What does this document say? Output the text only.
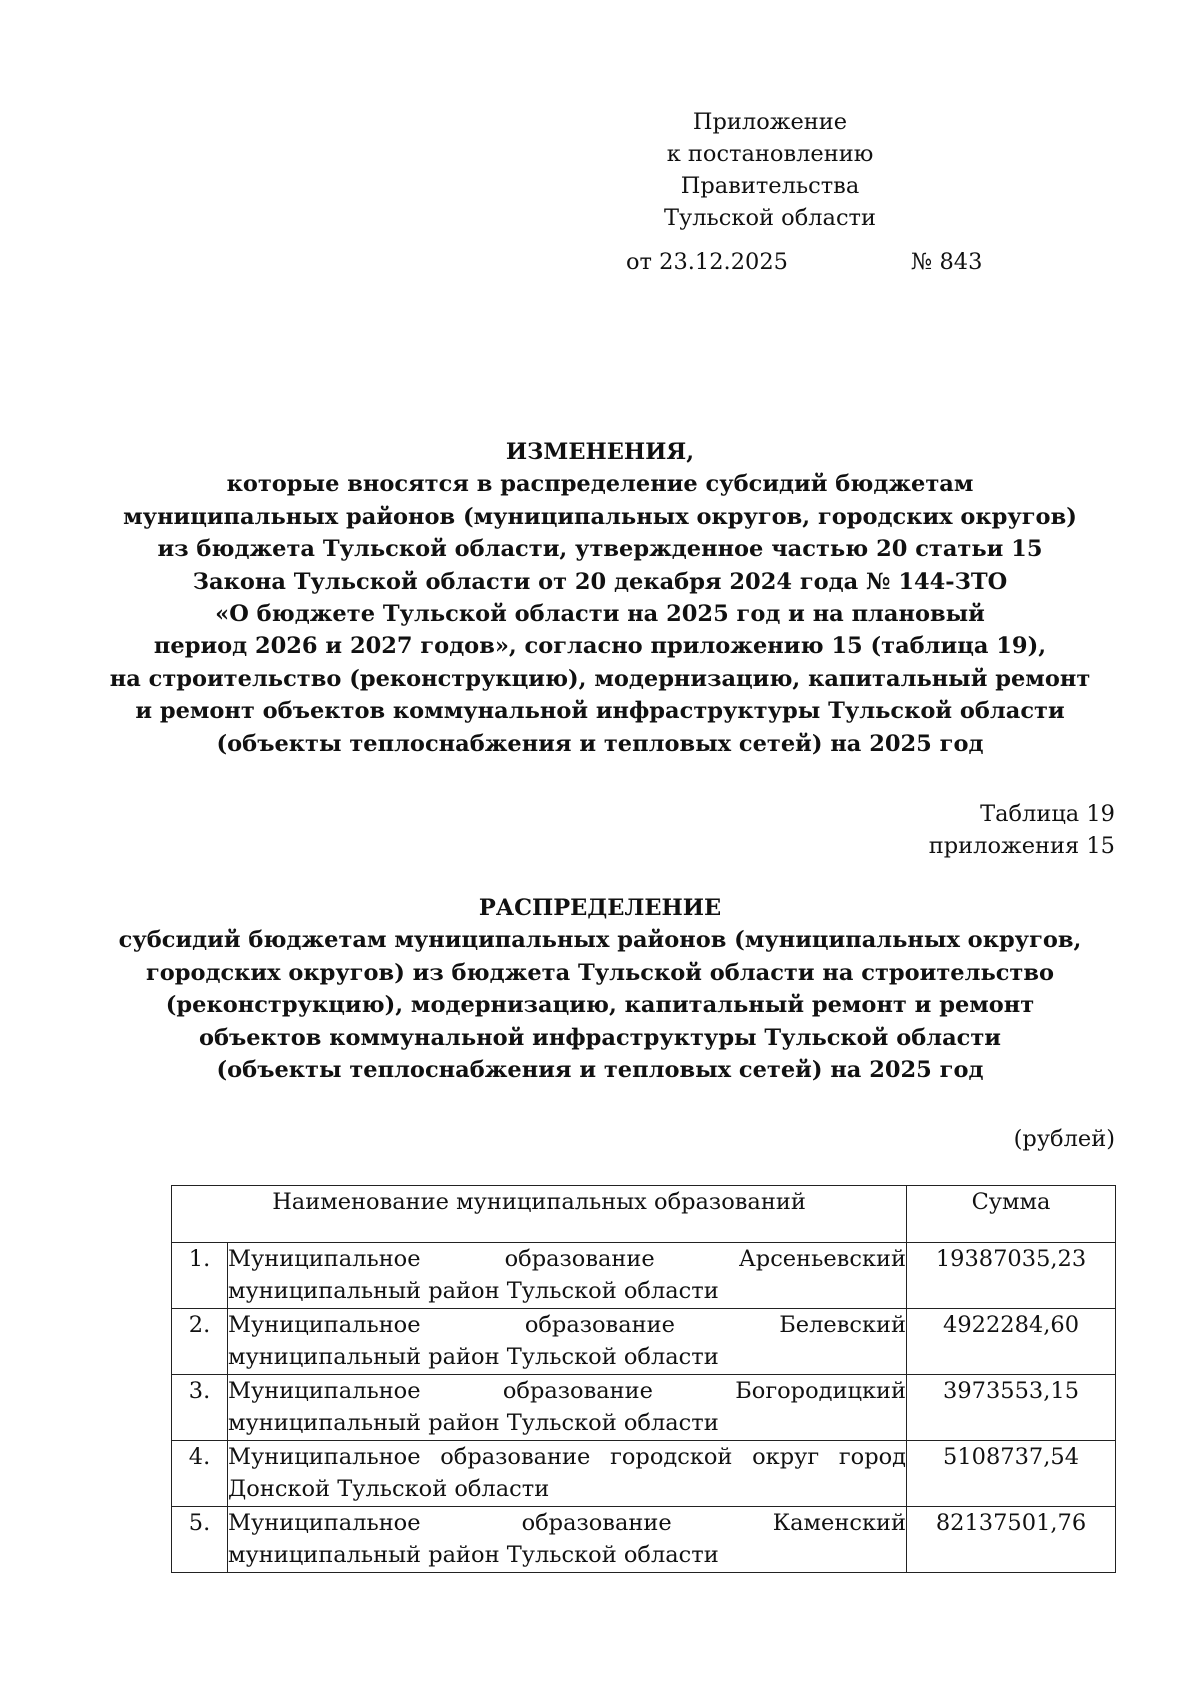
Приложение
к постановлению Правительства
Тульской области
от 23.12.2025	№ 843
ИЗМЕНЕНИЯ,
которые вносятся в распределение субсидий бюджетам
муниципальных районов (муниципальных округов, городских округов)
из бюджета Тульской области, утвержденное частью 20 статьи 15
Закона Тульской области от 20 декабря 2024 года № 144-ЗТО
«О бюджете Тульской области на 2025 год и на плановый
период 2026 и 2027 годов», согласно приложению 15 (таблица 19),
на строительство (реконструкцию), модернизацию, капитальный ремонт
и ремонт объектов коммунальной инфраструктуры Тульской области
(объекты теплоснабжения и тепловых сетей) на 2025 год
Таблица 19
приложения 15
РАСПРЕДЕЛЕНИЕ
субсидий бюджетам муниципальных районов (муниципальных округов,
городских округов) из бюджета Тульской области на строительство
(реконструкцию), модернизацию, капитальный ремонт и ремонт
объектов коммунальной инфраструктуры Тульской области
(объекты теплоснабжения и тепловых сетей) на 2025 год
(рублей)
Наименование муниципальных образований		Сумма
1.	Муниципальное образование Арсеньевский
муниципальный район Тульской области	19387035,23

2.	Муниципальное образование Белевский
муниципальный район Тульской области	4922284,60

3.	Муниципальное образование Богородицкий
муниципальный район Тульской области	3973553,15

4.	Муниципальное образование городской округ город
Донской Тульской области	5108737,54

5.	Муниципальное образование Каменский
муниципальный район Тульской области	82137501,76
